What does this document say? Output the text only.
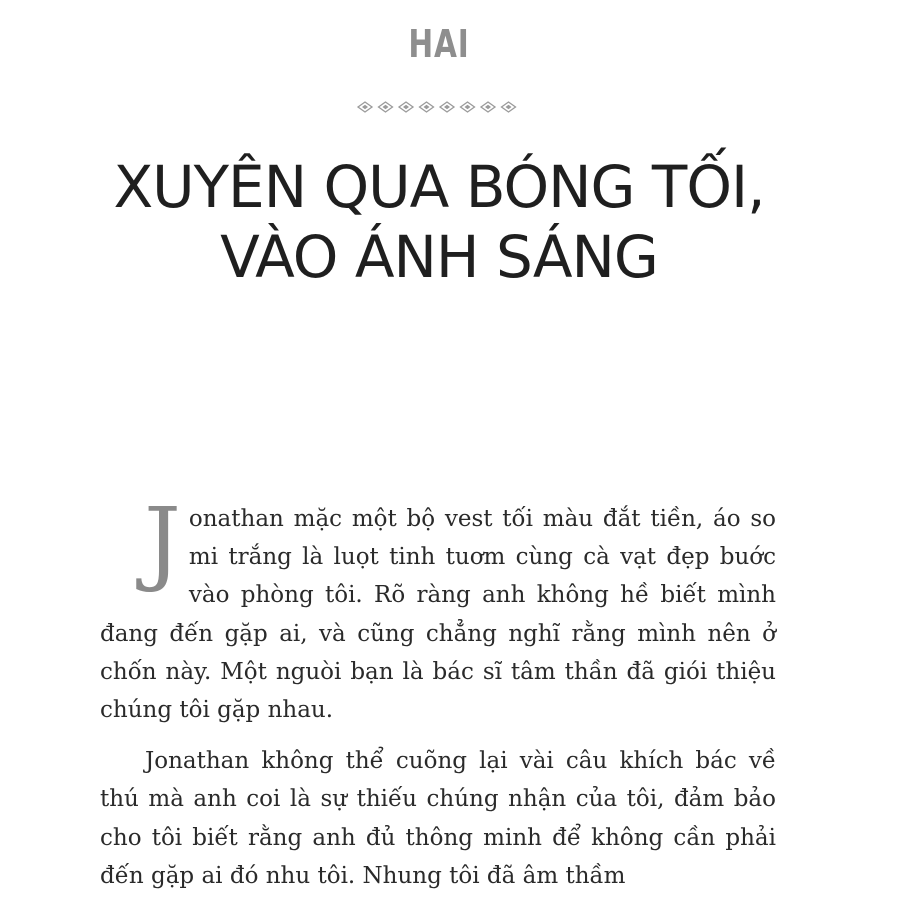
HAI
XUYÊN QUA BÓNG TỐI,
VÀO ÁNH SÁNG

Jonathan mặc một bộ vest tối màu đắt tiền, áo so mi trắng là luọt tinh tuơm cùng cà vạt đẹp buớc vào phòng tôi. Rõ ràng anh không hề biết mình đang đến gặp ai, và cũng chẳng nghĩ rằng mình nên ở chốn này. Một nguòi bạn là bác sĩ tâm thần đã giói thiệu chúng tôi gặp nhau.

Jonathan không thể cuõng lại vài câu khích bác về thú mà anh coi là sự thiếu chúng nhận của tôi, đảm bảo cho tôi biết rằng anh đủ thông minh để không cần phải đến gặp ai đó nhu tôi. Nhung tôi đã âm thầm
